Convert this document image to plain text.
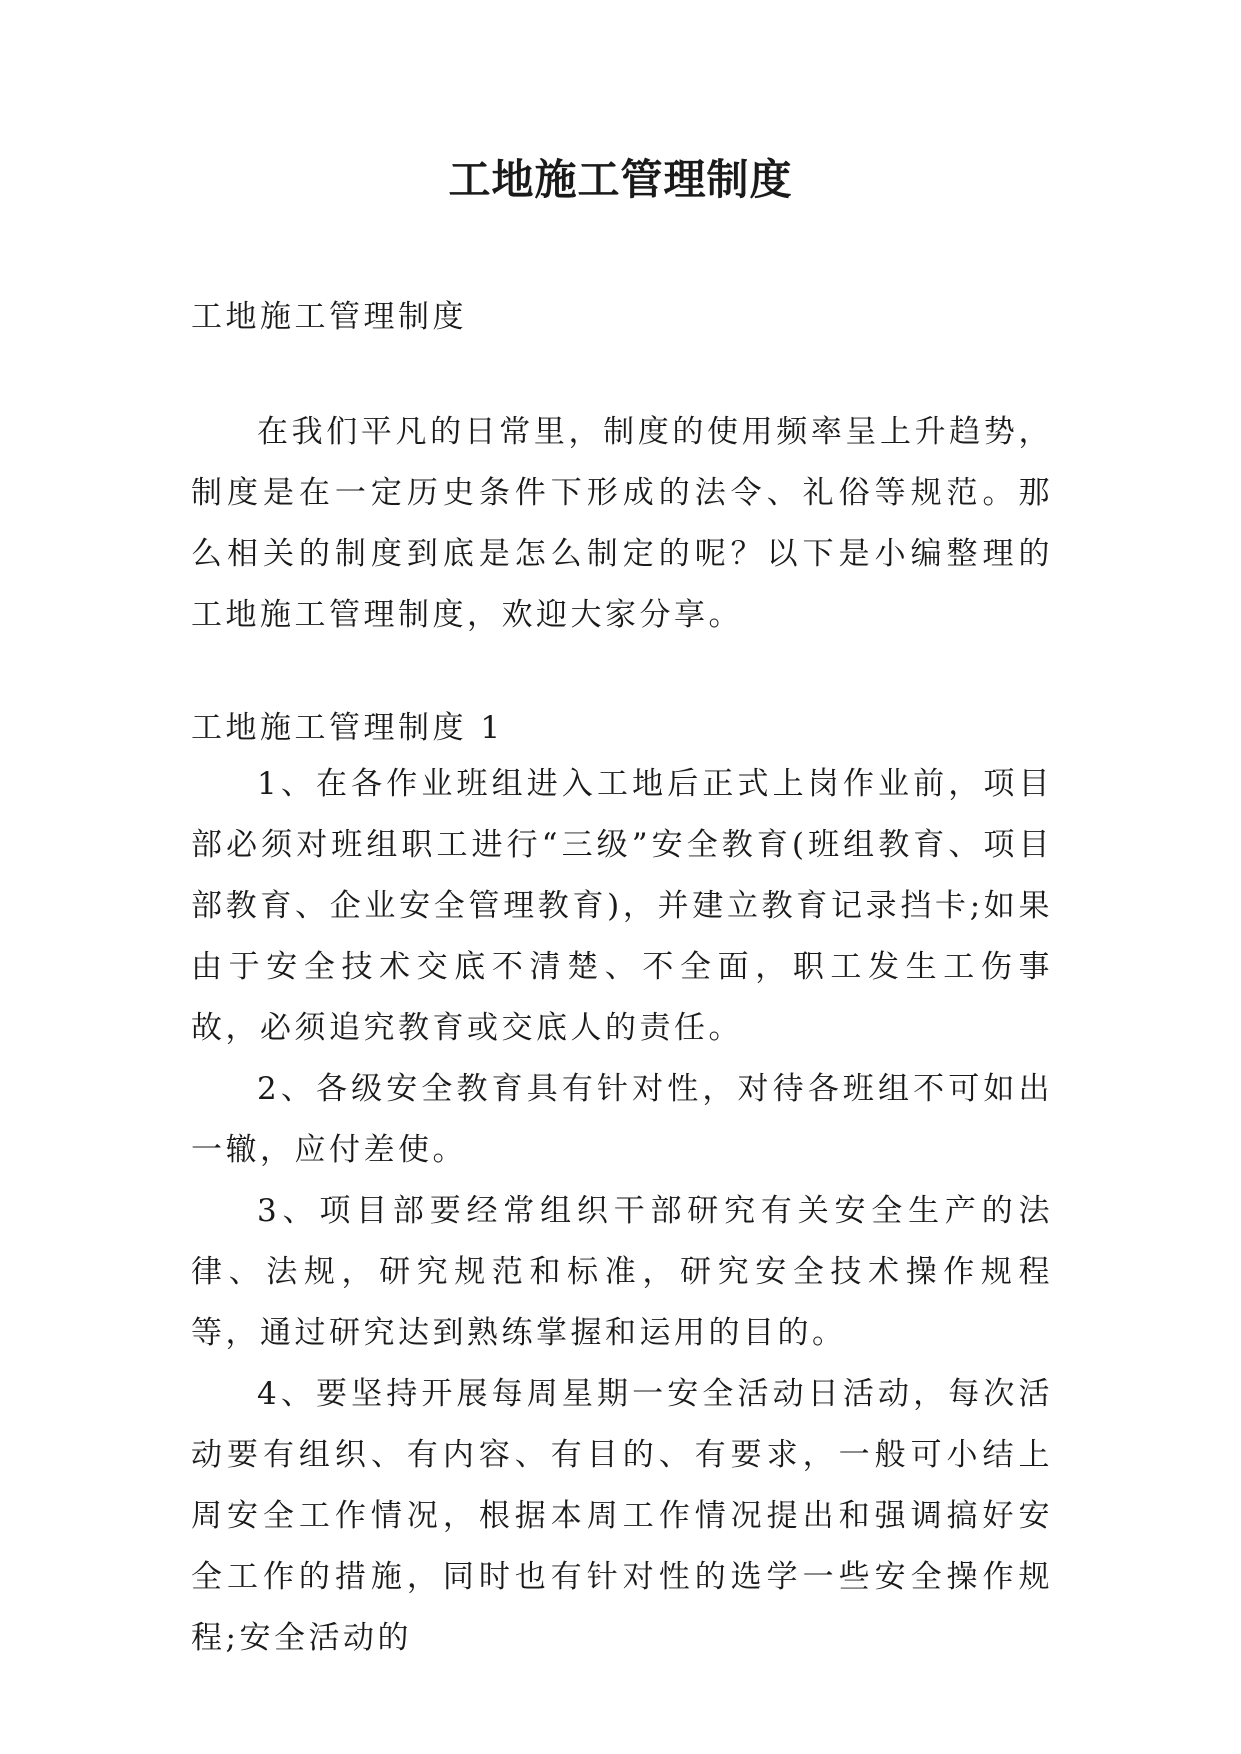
工地施工管理制度
工地施工管理制度

在我们平凡的日常里，制度的使用频率呈上升趋势，制度是在一定历史条件下形成的法令、礼俗等规范。那么相关的制度到底是怎么制定的呢？以下是小编整理的工地施工管理制度，欢迎大家分享。

工地施工管理制度 1

1、在各作业班组进入工地后正式上岗作业前，项目部必须对班组职工进行“三级”安全教育(班组教育、项目部教育、企业安全管理教育)，并建立教育记录挡卡;如果由于安全技术交底不清楚、不全面，职工发生工伤事故，必须追究教育或交底人的责任。

2、各级安全教育具有针对性，对待各班组不可如出一辙，应付差使。

3、项目部要经常组织干部研究有关安全生产的法律、法规，研究规范和标准，研究安全技术操作规程等，通过研究达到熟练掌握和运用的目的。

4、要坚持开展每周星期一安全活动日活动，每次活动要有组织、有内容、有目的、有要求，一般可小结上周安全工作情况，根据本周工作情况提出和强调搞好安全工作的措施，同时也有针对性的选学一些安全操作规程;安全活动的
